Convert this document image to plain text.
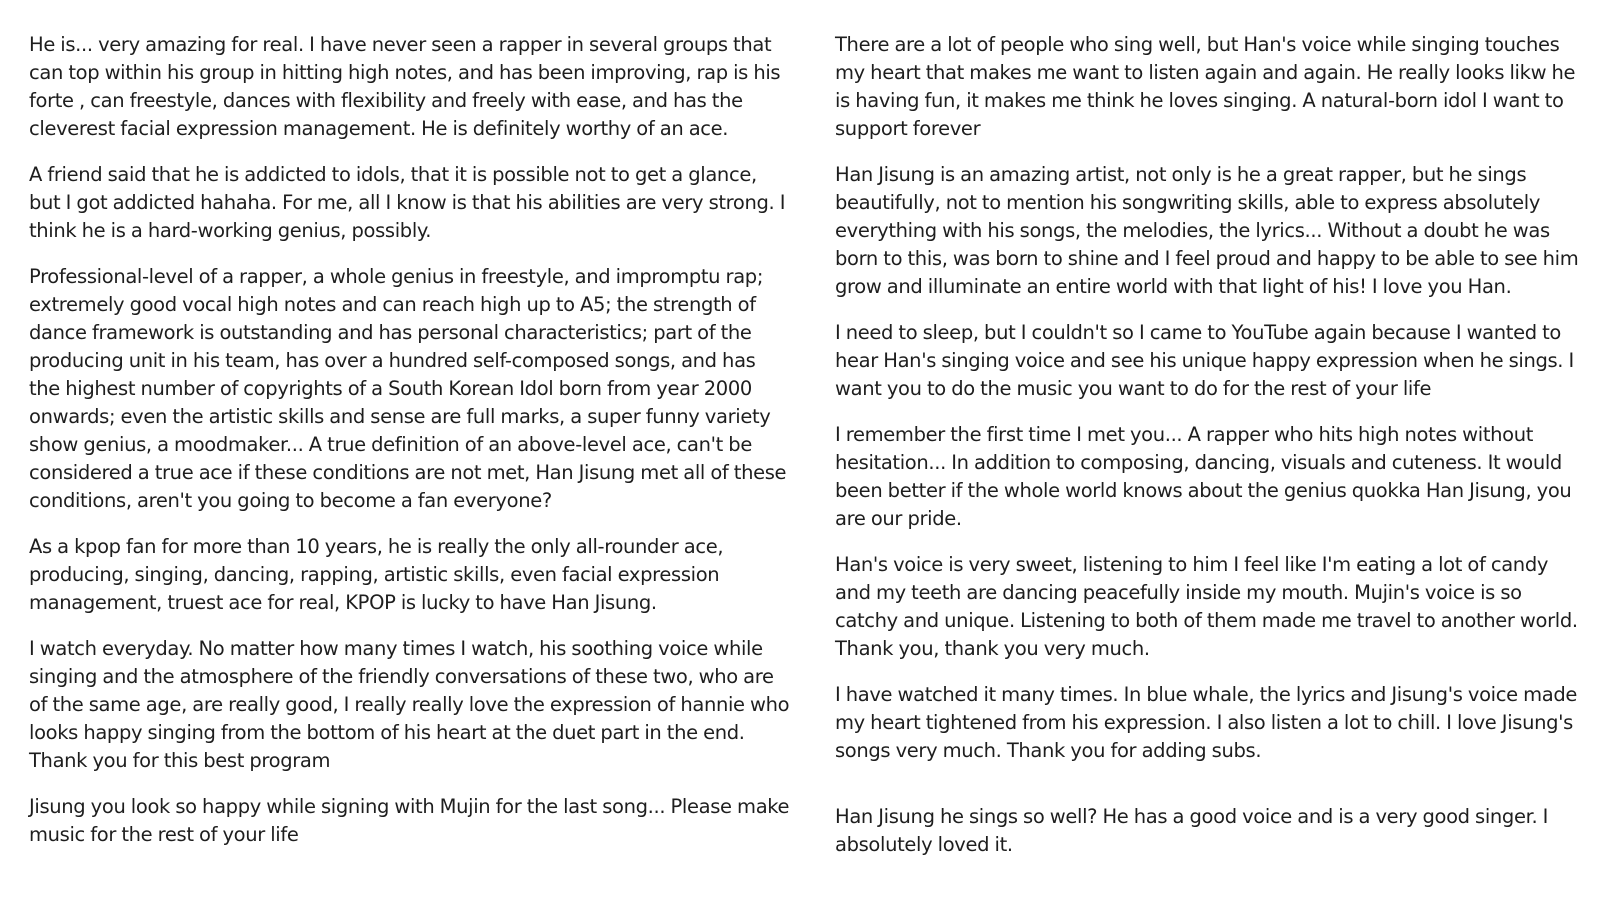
He is... very amazing for real. I have never seen a rapper in several groups that can top within his group in hitting high notes, and has been improving, rap is his forte , can freestyle, dances with flexibility and freely with ease, and has the cleverest facial expression management. He is definitely worthy of an ace.

A friend said that he is addicted to idols, that it is possible not to get a glance, but I got addicted hahaha. For me, all I know is that his abilities are very strong. I think he is a hard-working genius, possibly.

Professional-level of a rapper, a whole genius in freestyle, and impromptu rap; extremely good vocal high notes and can reach high up to A5; the strength of dance framework is outstanding and has personal characteristics; part of the producing unit in his team, has over a hundred self-composed songs, and has the highest number of copyrights of a South Korean Idol born from year 2000 onwards; even the artistic skills and sense are full marks, a super funny variety show genius, a moodmaker... A true definition of an above-level ace, can't be considered a true ace if these conditions are not met, Han Jisung met all of these conditions, aren't you going to become a fan everyone?

As a kpop fan for more than 10 years, he is really the only all-rounder ace, producing, singing, dancing, rapping, artistic skills, even facial expression management, truest ace for real, KPOP is lucky to have Han Jisung.

I watch everyday. No matter how many times I watch, his soothing voice while singing and the atmosphere of the friendly conversations of these two, who are of the same age, are really good, I really really love the expression of hannie who looks happy singing from the bottom of his heart at the duet part in the end. Thank you for this best program

Jisung you look so happy while signing with Mujin for the last song... Please make music for the rest of your life

There are a lot of people who sing well, but Han's voice while singing touches my heart that makes me want to listen again and again. He really looks likw he is having fun, it makes me think he loves singing. A natural-born idol I want to support forever

Han Jisung is an amazing artist, not only is he a great rapper, but he sings beautifully, not to mention his songwriting skills, able to express absolutely everything with his songs, the melodies, the lyrics... Without a doubt he was born to this, was born to shine and I feel proud and happy to be able to see him grow and illuminate an entire world with that light of his! I love you Han.

I need to sleep, but I couldn't so I came to YouTube again because I wanted to hear Han's singing voice and see his unique happy expression when he sings. I want you to do the music you want to do for the rest of your life

I remember the first time I met you... A rapper who hits high notes without hesitation... In addition to composing, dancing, visuals and cuteness. It would been better if the whole world knows about the genius quokka Han Jisung, you are our pride.

Han's voice is very sweet, listening to him I feel like I'm eating a lot of candy and my teeth are dancing peacefully inside my mouth. Mujin's voice is so catchy and unique. Listening to both of them made me travel to another world. Thank you, thank you very much.

I have watched it many times. In blue whale, the lyrics and Jisung's voice made my heart tightened from his expression. I also listen a lot to chill. I love Jisung's songs very much. Thank you for adding subs.

Han Jisung he sings so well? He has a good voice and is a very good singer. I absolutely loved it.
